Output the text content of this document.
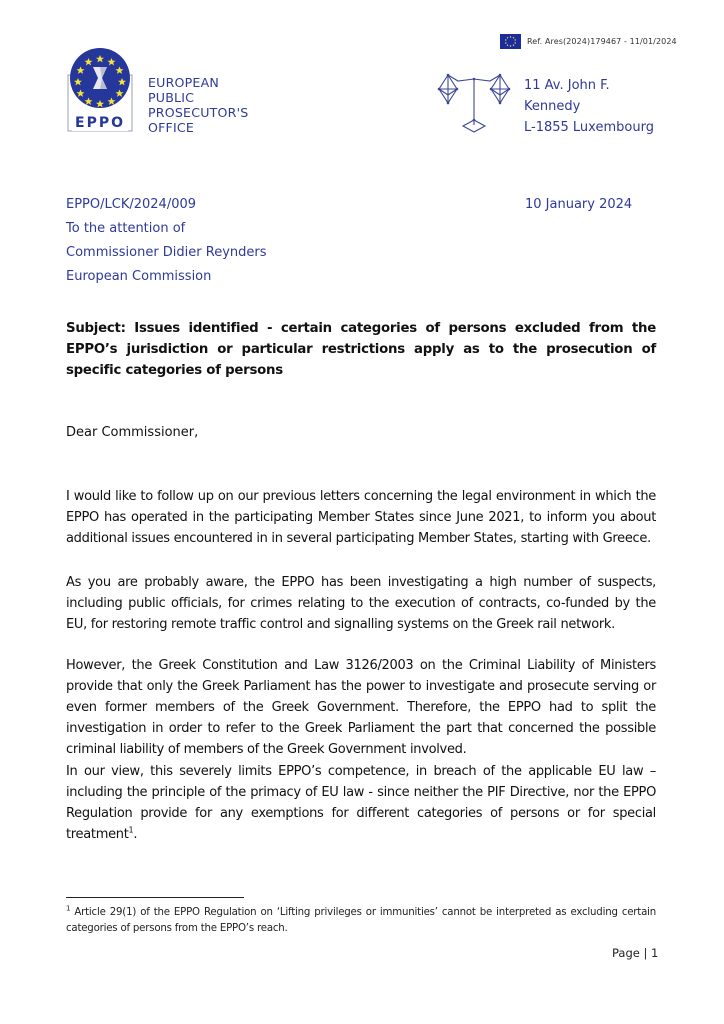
Ref. Ares(2024)179467 - 11/01/2024
EPPO
EUROPEAN
PUBLIC
PROSECUTOR'S
OFFICE
11 Av. John F.
Kennedy
L-1855 Luxembourg
EPPO/LCK/2024/009
To the attention of
Commissioner Didier Reynders
European Commission
10 January 2024
Subject: Issues identified - certain categories of persons excluded from the EPPO’s jurisdiction or particular restrictions apply as to the prosecution of specific categories of persons
Dear Commissioner,

I would like to follow up on our previous letters concerning the legal environment in which the EPPO has operated in the participating Member States since June 2021, to inform you about additional issues encountered in in several participating Member States, starting with Greece.

As you are probably aware, the EPPO has been investigating a high number of suspects, including public officials, for crimes relating to the execution of contracts, co-funded by the EU, for restoring remote traffic control and signalling systems on the Greek rail network.

However, the Greek Constitution and Law 3126/2003 on the Criminal Liability of Ministers provide that only the Greek Parliament has the power to investigate and prosecute serving or even former members of the Greek Government. Therefore, the EPPO had to split the investigation in order to refer to the Greek Parliament the part that concerned the possible criminal liability of members of the Greek Government involved.

In our view, this severely limits EPPO’s competence, in breach of the applicable EU law – including the principle of the primacy of EU law - since neither the PIF Directive, nor the EPPO Regulation provide for any exemptions for different categories of persons or for special treatment$^1$.

$^1$ Article 29(1) of the EPPO Regulation on ‘Lifting privileges or immunities’ cannot be interpreted as excluding certain categories of persons from the EPPO’s reach.
Page | 1
